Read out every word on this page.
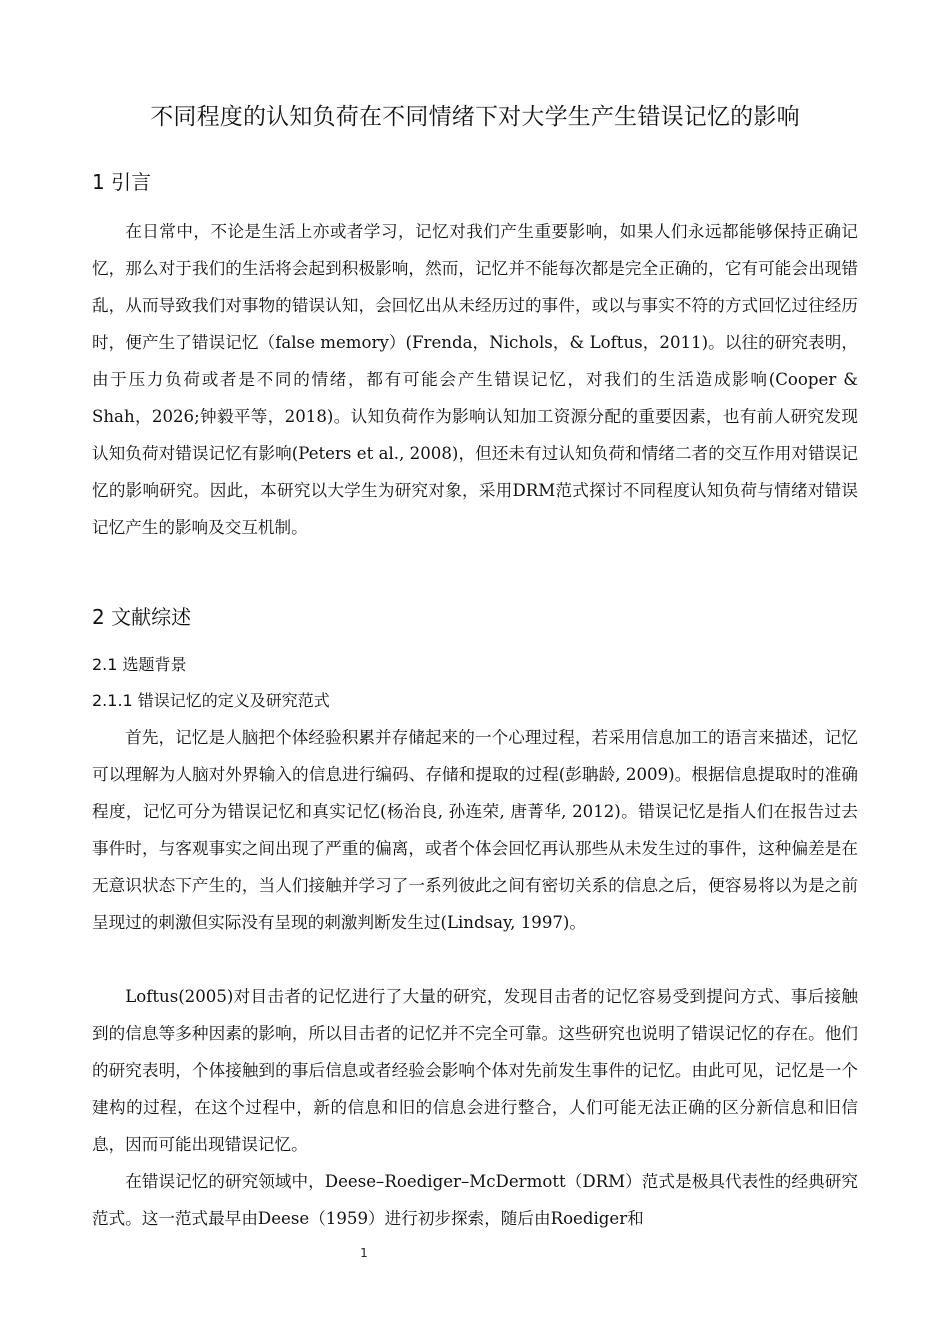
不同程度的认知负荷在不同情绪下对大学生产生错误记忆的影响
1 引言

在日常中，不论是生活上亦或者学习，记忆对我们产生重要影响，如果人们永远都能够保持正确记忆，那么对于我们的生活将会起到积极影响，然而，记忆并不能每次都是完全正确的，它有可能会出现错乱，从而导致我们对事物的错误认知，会回忆出从未经历过的事件，或以与事实不符的方式回忆过往经历时，便产生了错误记忆（false memory）(Frenda，Nichols，& Loftus，2011)。以往的研究表明，由于压力负荷或者是不同的情绪，都有可能会产生错误记忆，对我们的生活造成影响(Cooper & Shah，2026;钟毅平等，2018)。认知负荷作为影响认知加工资源分配的重要因素，也有前人研究发现认知负荷对错误记忆有影响(Peters et al., 2008)，但还未有过认知负荷和情绪二者的交互作用对错误记忆的影响研究。因此，本研究以大学生为研究对象，采用DRM范式探讨不同程度认知负荷与情绪对错误记忆产生的影响及交互机制。

2 文献综述
2.1 选题背景
2.1.1 错误记忆的定义及研究范式

首先，记忆是人脑把个体经验积累并存储起来的一个心理过程，若采用信息加工的语言来描述，记忆可以理解为人脑对外界输入的信息进行编码、存储和提取的过程(彭聃龄, 2009)。根据信息提取时的准确程度，记忆可分为错误记忆和真实记忆(杨治良, 孙连荣, 唐菁华, 2012)。错误记忆是指人们在报告过去事件时，与客观事实之间出现了严重的偏离，或者个体会回忆再认那些从未发生过的事件，这种偏差是在无意识状态下产生的，当人们接触并学习了一系列彼此之间有密切关系的信息之后，便容易将以为是之前呈现过的刺激但实际没有呈现的刺激判断发生过(Lindsay, 1997)。

Loftus(2005)对目击者的记忆进行了大量的研究，发现目击者的记忆容易受到提问方式、事后接触到的信息等多种因素的影响，所以目击者的记忆并不完全可靠。这些研究也说明了错误记忆的存在。他们的研究表明，个体接触到的事后信息或者经验会影响个体对先前发生事件的记忆。由此可见，记忆是一个建构的过程，在这个过程中，新的信息和旧的信息会进行整合，人们可能无法正确的区分新信息和旧信息，因而可能出现错误记忆。

在错误记忆的研究领域中，Deese–Roediger–McDermott（DRM）范式是极具代表性的经典研究范式。这一范式最早由Deese（1959）进行初步探索，随后由Roediger和

1
